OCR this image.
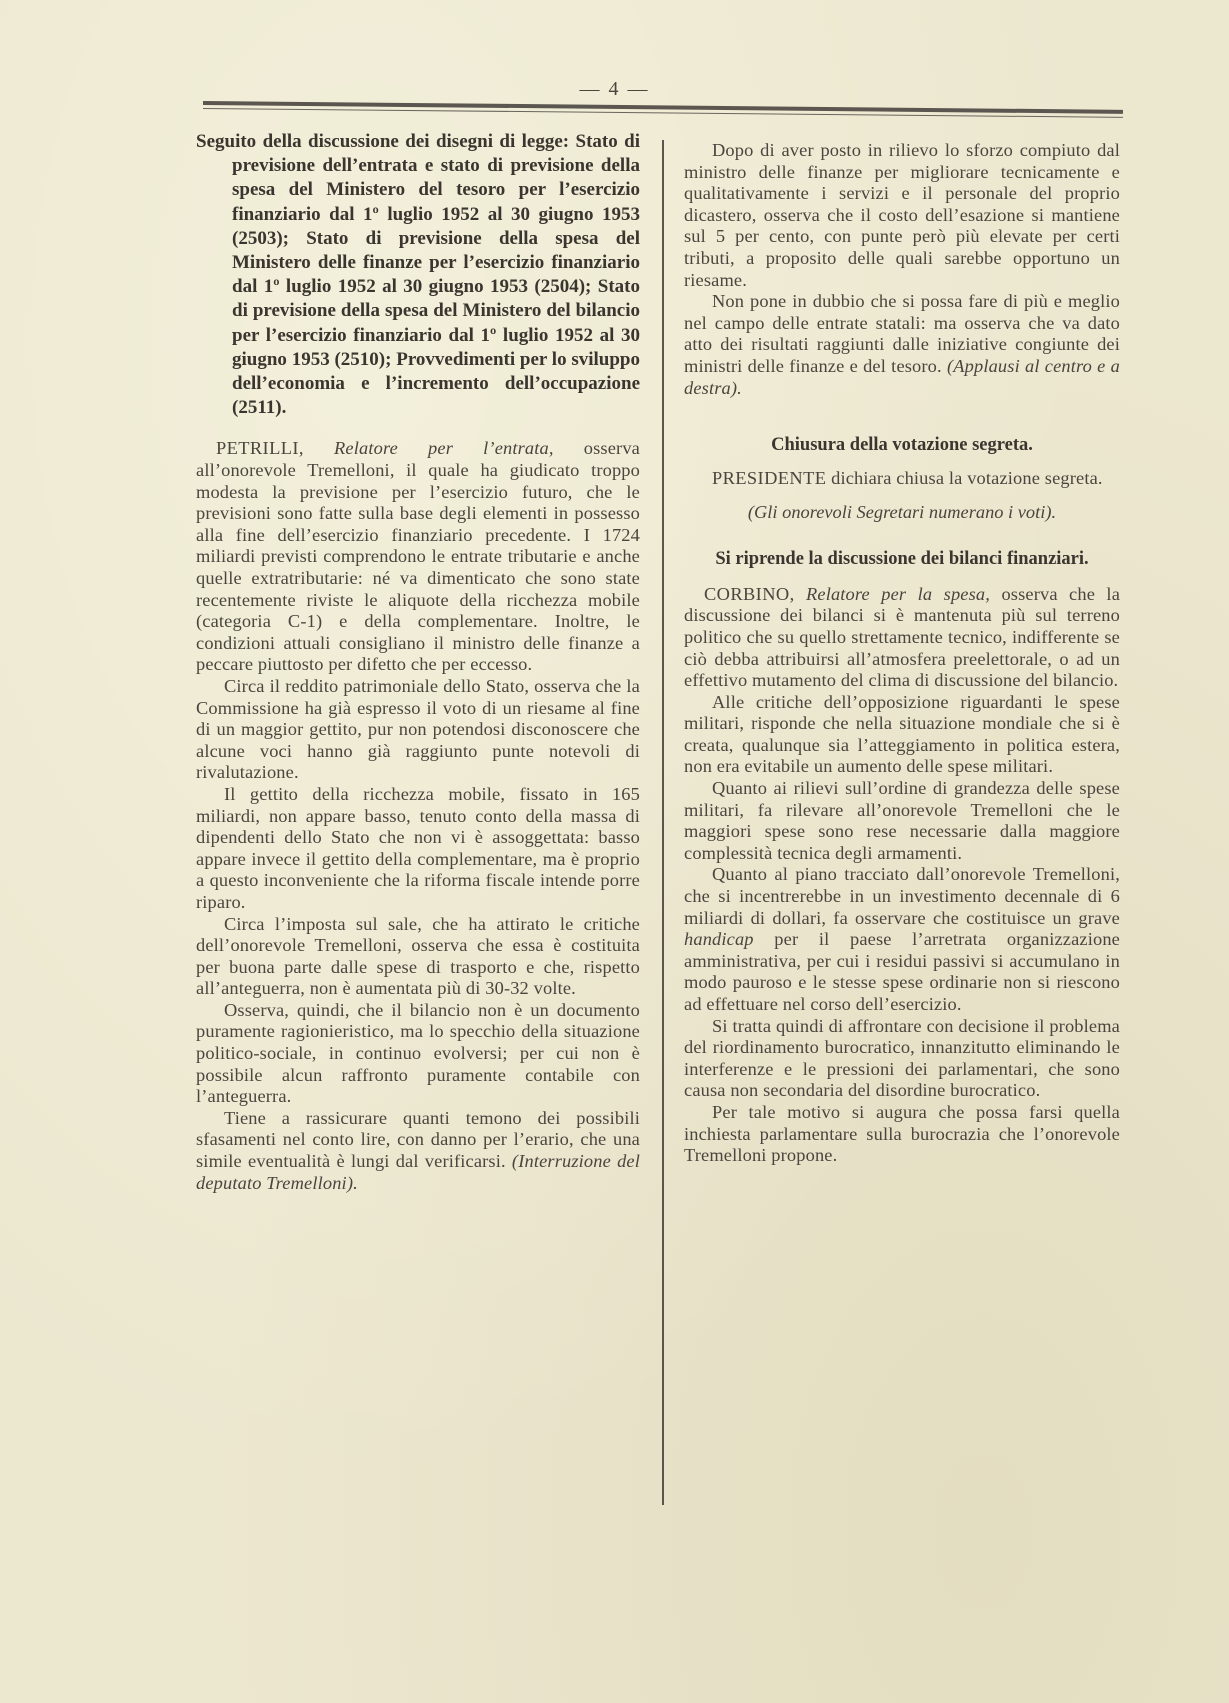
— 4 —

Seguito della discussione dei disegni di legge: Stato di previsione dell’entrata e stato di previsione della spesa del Ministero del tesoro per l’esercizio finanziario dal 1º luglio 1952 al 30 giugno 1953 (2503); Stato di previsione della spesa del Ministero delle finanze per l’esercizio finanziario dal 1º luglio 1952 al 30 giugno 1953 (2504); Stato di previsione della spesa del Ministero del bilancio per l’esercizio finanziario dal 1º luglio 1952 al 30 giugno 1953 (2510); Provvedimenti per lo sviluppo dell’economia e l’incremento dell’occupazione (2511).

PETRILLI, Relatore per l’entrata, osserva all’onorevole Tremelloni, il quale ha giudicato troppo modesta la previsione per l’esercizio futuro, che le previsioni sono fatte sulla base degli elementi in possesso alla fine dell’esercizio finanziario precedente. I 1724 miliardi previsti comprendono le entrate tributarie e anche quelle extratributarie: né va dimenticato che sono state recentemente riviste le aliquote della ricchezza mobile (categoria C-1) e della complementare. Inoltre, le condizioni attuali consigliano il ministro delle finanze a peccare piuttosto per difetto che per eccesso.

Circa il reddito patrimoniale dello Stato, osserva che la Commissione ha già espresso il voto di un riesame al fine di un maggior gettito, pur non potendosi disconoscere che alcune voci hanno già raggiunto punte notevoli di rivalutazione.

Il gettito della ricchezza mobile, fissato in 165 miliardi, non appare basso, tenuto conto della massa di dipendenti dello Stato che non vi è assoggettata: basso appare invece il gettito della complementare, ma è proprio a questo inconveniente che la riforma fiscale intende porre riparo.

Circa l’imposta sul sale, che ha attirato le critiche dell’onorevole Tremelloni, osserva che essa è costituita per buona parte dalle spese di trasporto e che, rispetto all’anteguerra, non è aumentata più di 30-32 volte.

Osserva, quindi, che il bilancio non è un documento puramente ragionieristico, ma lo specchio della situazione politico-sociale, in continuo evolversi; per cui non è possibile alcun raffronto puramente contabile con l’anteguerra.

Tiene a rassicurare quanti temono dei possibili sfasamenti nel conto lire, con danno per l’erario, che una simile eventualità è lungi dal verificarsi. (Interruzione del deputato Tremelloni).

Dopo di aver posto in rilievo lo sforzo compiuto dal ministro delle finanze per migliorare tecnicamente e qualitativamente i servizi e il personale del proprio dicastero, osserva che il costo dell’esazione si mantiene sul 5 per cento, con punte però più elevate per certi tributi, a proposito delle quali sarebbe opportuno un riesame.

Non pone in dubbio che si possa fare di più e meglio nel campo delle entrate statali: ma osserva che va dato atto dei risultati raggiunti dalle iniziative congiunte dei ministri delle finanze e del tesoro. (Applausi al centro e a destra).

Chiusura della votazione segreta.

PRESIDENTE dichiara chiusa la votazione segreta.

(Gli onorevoli Segretari numerano i voti).

Si riprende la discussione dei bilanci finanziari.

CORBINO, Relatore per la spesa, osserva che la discussione dei bilanci si è mantenuta più sul terreno politico che su quello strettamente tecnico, indifferente se ciò debba attribuirsi all’atmosfera preelettorale, o ad un effettivo mutamento del clima di discussione del bilancio.

Alle critiche dell’opposizione riguardanti le spese militari, risponde che nella situazione mondiale che si è creata, qualunque sia l’atteggiamento in politica estera, non era evitabile un aumento delle spese militari.

Quanto ai rilievi sull’ordine di grandezza delle spese militari, fa rilevare all’onorevole Tremelloni che le maggiori spese sono rese necessarie dalla maggiore complessità tecnica degli armamenti.

Quanto al piano tracciato dall’onorevole Tremelloni, che si incentrerebbe in un investimento decennale di 6 miliardi di dollari, fa osservare che costituisce un grave handicap per il paese l’arretrata organizzazione amministrativa, per cui i residui passivi si accumulano in modo pauroso e le stesse spese ordinarie non si riescono ad effettuare nel corso dell’esercizio.

Si tratta quindi di affrontare con decisione il problema del riordinamento burocratico, innanzitutto eliminando le interferenze e le pressioni dei parlamentari, che sono causa non secondaria del disordine burocratico.

Per tale motivo si augura che possa farsi quella inchiesta parlamentare sulla burocrazia che l’onorevole Tremelloni propone.
